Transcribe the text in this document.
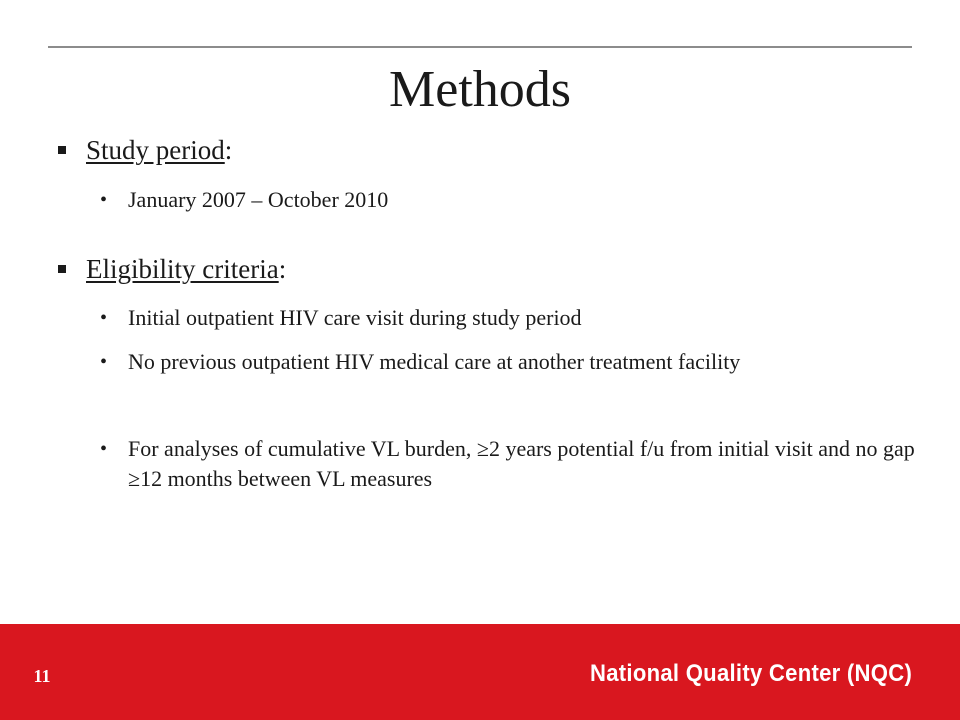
Methods
Study period:
• January 2007 – October 2010
Eligibility criteria:
• Initial outpatient HIV care visit during study period
• No previous outpatient HIV medical care at another treatment facility
• For analyses of cumulative VL burden, ≥2 years potential f/u from initial visit and no gap ≥12 months between VL measures
11	National Quality Center (NQC)
